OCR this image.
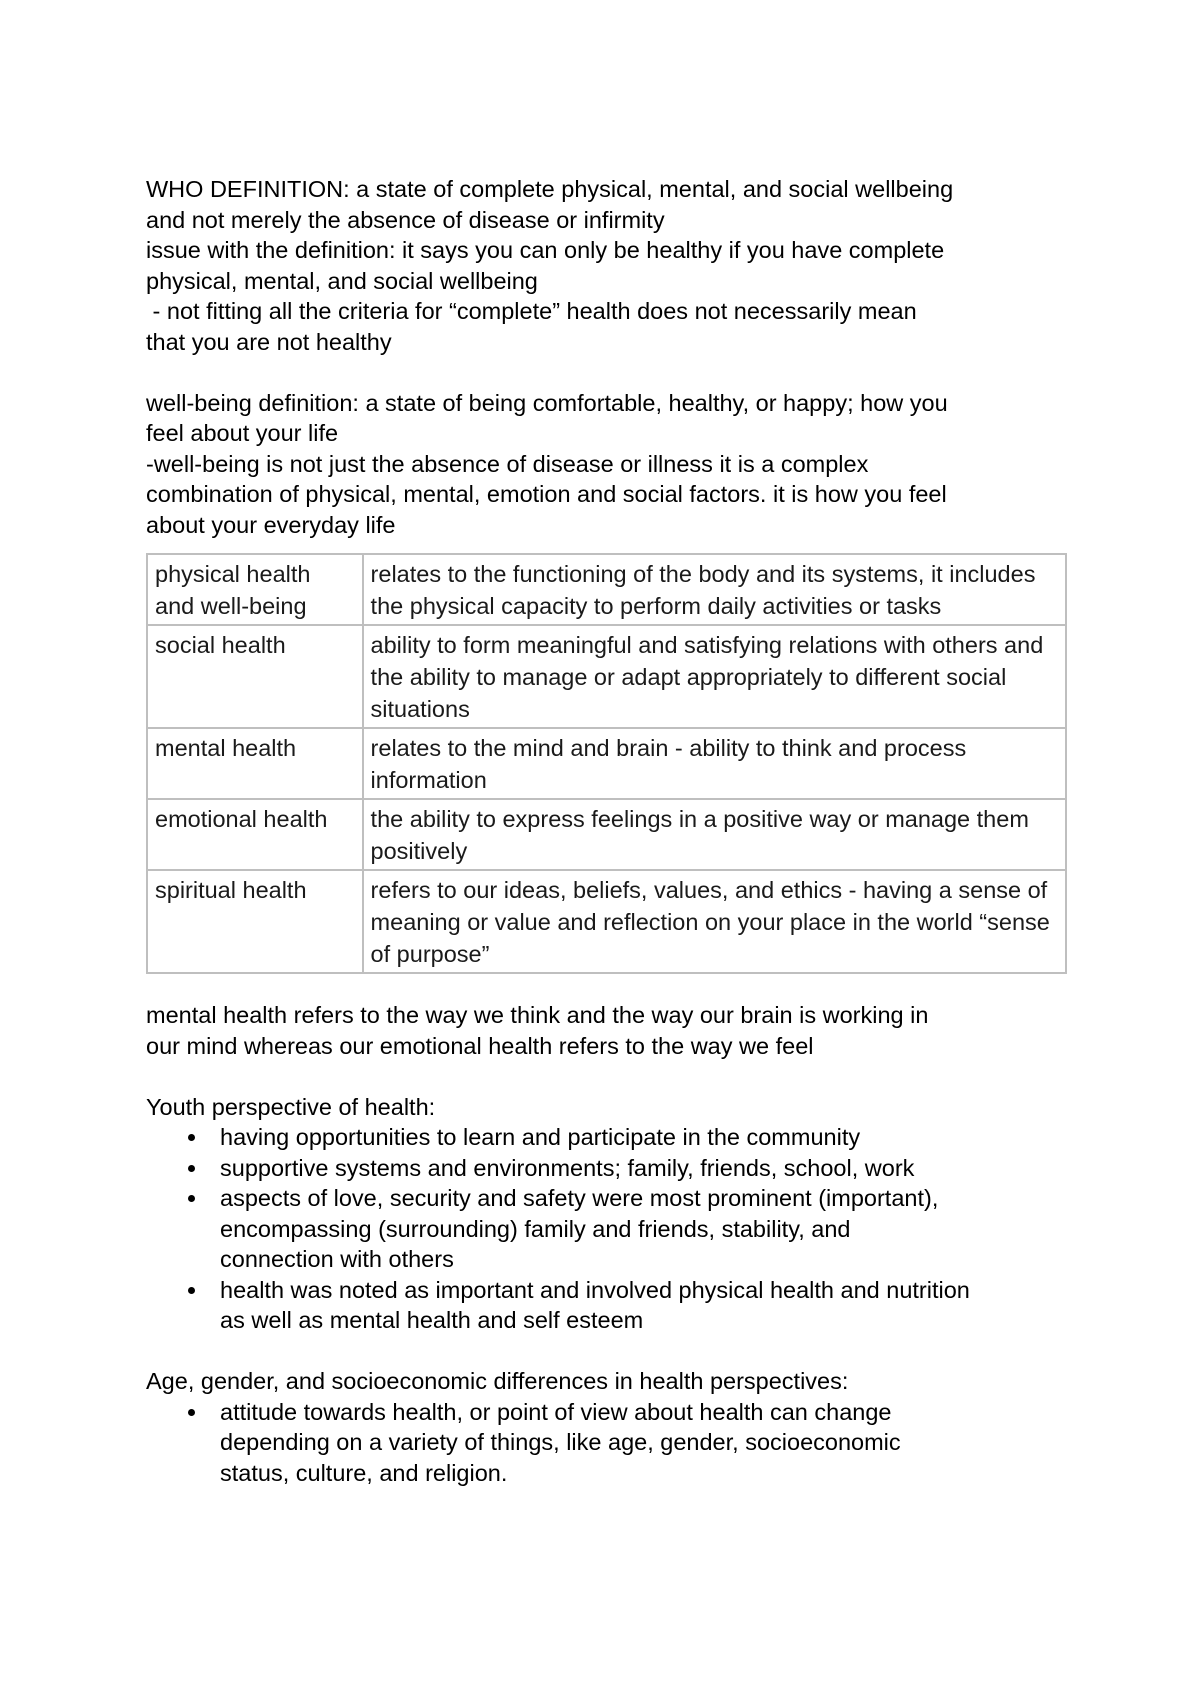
WHO DEFINITION: a state of complete physical, mental, and social wellbeing

and not merely the absence of disease or infirmity

issue with the definition: it says you can only be healthy if you have complete

physical, mental, and social wellbeing

- not fitting all the criteria for “complete” health does not necessarily mean

that you are not healthy

well-being definition: a state of being comfortable, healthy, or happy; how you

feel about your life

-well-being is not just the absence of disease or illness it is a complex

combination of physical, mental, emotion and social factors. it is how you feel

about your everyday life

physical health and well-being	relates to the functioning of the body and its systems, it includes the physical capacity to perform daily activities or tasks
social health	ability to form meaningful and satisfying relations with others and the ability to manage or adapt appropriately to different social situations
mental health	relates to the mind and brain - ability to think and process information
emotional health	the ability to express feelings in a positive way or manage them positively
spiritual health	refers to our ideas, beliefs, values, and ethics - having a sense of meaning or value and reflection on your place in the world “sense of purpose”

mental health refers to the way we think and the way our brain is working in

our mind whereas our emotional health refers to the way we feel

Youth perspective of health:

having opportunities to learn and participate in the community
supportive systems and environments; family, friends, school, work
aspects of love, security and safety were most prominent (important),
encompassing (surrounding) family and friends, stability, and
connection with others
health was noted as important and involved physical health and nutrition
as well as mental health and self esteem

Age, gender, and socioeconomic differences in health perspectives:

attitude towards health, or point of view about health can change
depending on a variety of things, like age, gender, socioeconomic
status, culture, and religion.
